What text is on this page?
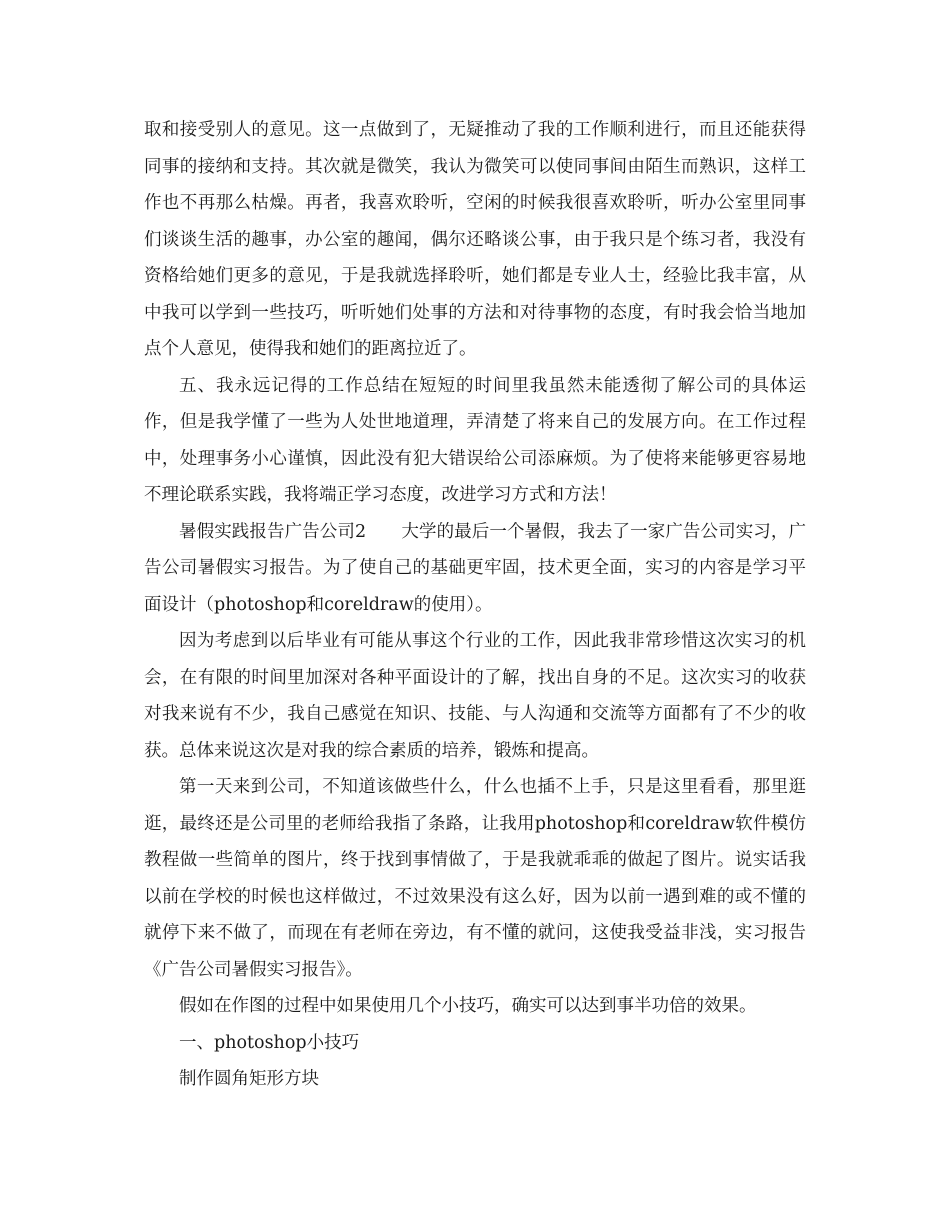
取和接受别人的意见。这一点做到了，无疑推动了我的工作顺利进行，而且还能获得同事的接纳和支持。其次就是微笑，我认为微笑可以使同事间由陌生而熟识，这样工作也不再那么枯燥。再者，我喜欢聆听，空闲的时候我很喜欢聆听，听办公室里同事们谈谈生活的趣事，办公室的趣闻，偶尔还略谈公事，由于我只是个练习者，我没有资格给她们更多的意见，于是我就选择聆听，她们都是专业人士，经验比我丰富，从中我可以学到一些技巧，听听她们处事的方法和对待事物的态度，有时我会恰当地加点个人意见，使得我和她们的距离拉近了。

五、我永远记得的工作总结在短短的时间里我虽然未能透彻了解公司的具体运作，但是我学懂了一些为人处世地道理，弄清楚了将来自己的发展方向。在工作过程中，处理事务小心谨慎，因此没有犯大错误给公司添麻烦。为了使将来能够更容易地不理论联系实践，我将端正学习态度，改进学习方式和方法！

暑假实践报告广告公司2　　大学的最后一个暑假，我去了一家广告公司实习，广告公司暑假实习报告。为了使自己的基础更牢固，技术更全面，实习的内容是学习平面设计（photoshop和coreldraw的使用）。

因为考虑到以后毕业有可能从事这个行业的工作，因此我非常珍惜这次实习的机会，在有限的时间里加深对各种平面设计的了解，找出自身的不足。这次实习的收获对我来说有不少，我自己感觉在知识、技能、与人沟通和交流等方面都有了不少的收获。总体来说这次是对我的综合素质的培养，锻炼和提高。

第一天来到公司，不知道该做些什么，什么也插不上手，只是这里看看，那里逛逛，最终还是公司里的老师给我指了条路，让我用photoshop和coreldraw软件模仿教程做一些简单的图片，终于找到事情做了，于是我就乖乖的做起了图片。说实话我以前在学校的时候也这样做过，不过效果没有这么好，因为以前一遇到难的或不懂的就停下来不做了，而现在有老师在旁边，有不懂的就问，这使我受益非浅，实习报告《广告公司暑假实习报告》。

假如在作图的过程中如果使用几个小技巧，确实可以达到事半功倍的效果。

一、photoshop小技巧

制作圆角矩形方块
